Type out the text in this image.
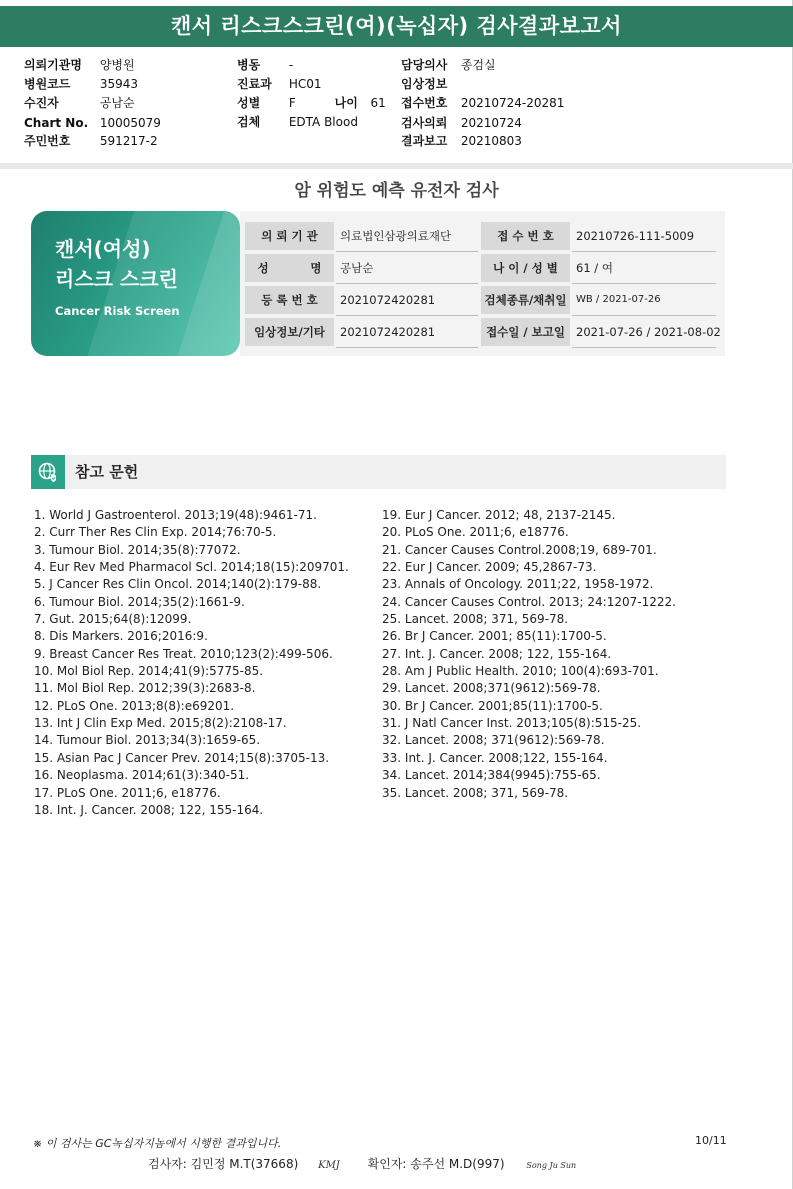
캔서 리스크스크린(여)(녹십자) 검사결과보고서
의뢰기관명 양병원
병원코드 35943
수진자	공남순
Chart No. 10005079
주민번호 591217-2
병동 -
진료과 HC01
성별 F	나이 61
검체 EDTA Blood
담당의사 종검실
임상정보
접수번호 20210724-20281
검사의뢰 20210724
결과보고 20210803
암 위험도 예측 유전자 검사
캔서(여성)
리스크 스크린
Cancer Risk Screen
의 뢰 기 관	의료법인삼광의료재단	접 수 번 호	20210726-111-5009
성 명	공남순	나 이 / 성 별	61 / 여
등 록 번 호	2021072420281	검체종류/채취일 WB / 2021-07-26
임상정보/기타	2021072420281	접수일 / 보고일 2021-07-26 / 2021-08-02
참고 문헌
1. World J Gastroenterol. 2013;19(48):9461-71.
2. Curr Ther Res Clin Exp. 2014;76:70-5.
3. Tumour Biol. 2014;35(8):77072.
4. Eur Rev Med Pharmacol Scl. 2014;18(15):209701.
5. J Cancer Res Clin Oncol. 2014;140(2):179-88.
6. Tumour Biol. 2014;35(2):1661-9.
7. Gut. 2015;64(8):12099.
8. Dis Markers. 2016;2016:9.
9. Breast Cancer Res Treat. 2010;123(2):499-506.
10. Mol Biol Rep. 2014;41(9):5775-85.
11. Mol Biol Rep. 2012;39(3):2683-8.
12. PLoS One. 2013;8(8):e69201.
13. Int J Clin Exp Med. 2015;8(2):2108-17.
14. Tumour Biol. 2013;34(3):1659-65.
15. Asian Pac J Cancer Prev. 2014;15(8):3705-13.
16. Neoplasma. 2014;61(3):340-51.
17. PLoS One. 2011;6, e18776.
18. Int. J. Cancer. 2008; 122, 155-164.
19. Eur J Cancer. 2012; 48, 2137-2145.
20. PLoS One. 2011;6, e18776.
21. Cancer Causes Control.2008;19, 689-701.
22. Eur J Cancer. 2009; 45,2867-73.
23. Annals of Oncology. 2011;22, 1958-1972.
24. Cancer Causes Control. 2013; 24:1207-1222.
25. Lancet. 2008; 371, 569-78.
26. Br J Cancer. 2001; 85(11):1700-5.
27. Int. J. Cancer. 2008; 122, 155-164.
28. Am J Public Health. 2010; 100(4):693-701.
29. Lancet. 2008;371(9612):569-78.
30. Br J Cancer. 2001;85(11):1700-5.
31. J Natl Cancer Inst. 2013;105(8):515-25.
32. Lancet. 2008; 371(9612):569-78.
33. Int. J. Cancer. 2008;122, 155-164.
34. Lancet. 2014;384(9945):755-65.
35. Lancet. 2008; 371, 569-78.
※ 이 검사는 GC녹십자지놈에서 시행한 결과입니다.	10/11
검사자: 김민정 M.T(37668) KMJ 확인자: 송주선 M.D(997)	Song Ju Sun
